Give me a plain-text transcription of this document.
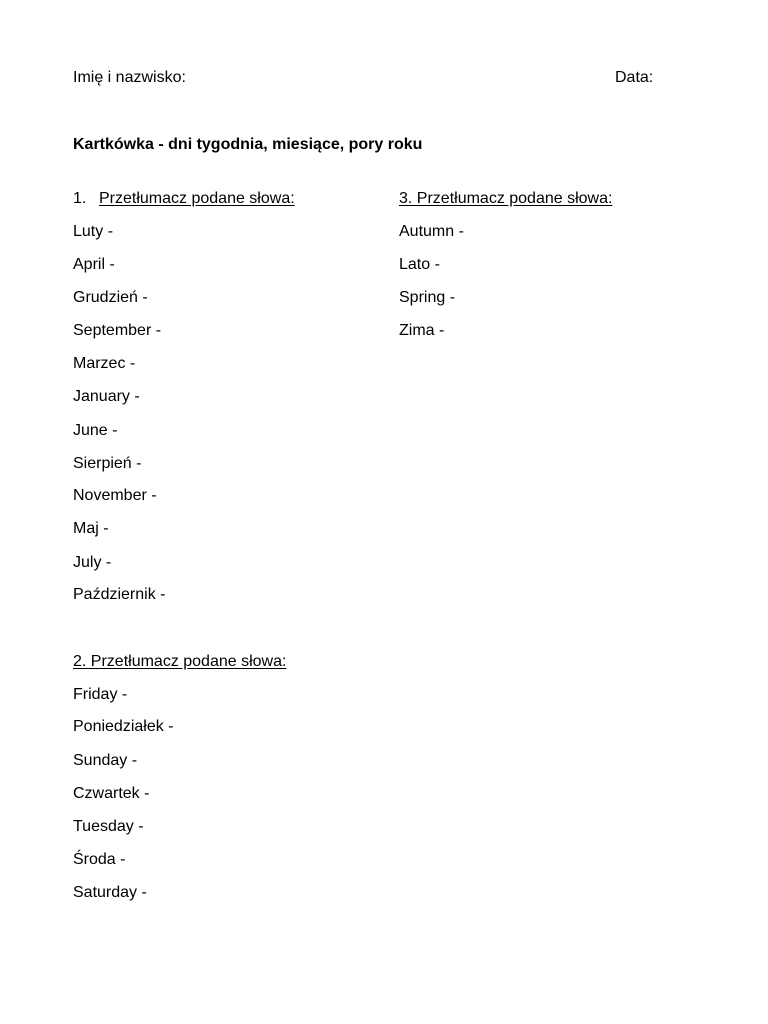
Imię i nazwisko:	Data:
Kartkówka - dni tygodnia, miesiące, pory roku
1. Przetłumacz podane słowa:
Luty -
April -
Grudzień -
September -
Marzec -
January -
June -
Sierpień -
November -
Maj -
July -
Październik -
3. Przetłumacz podane słowa:
Autumn -
Lato -
Spring -
Zima -
2. Przetłumacz podane słowa:
Friday -
Poniedziałek -
Sunday -
Czwartek -
Tuesday -
Środa -
Saturday -
